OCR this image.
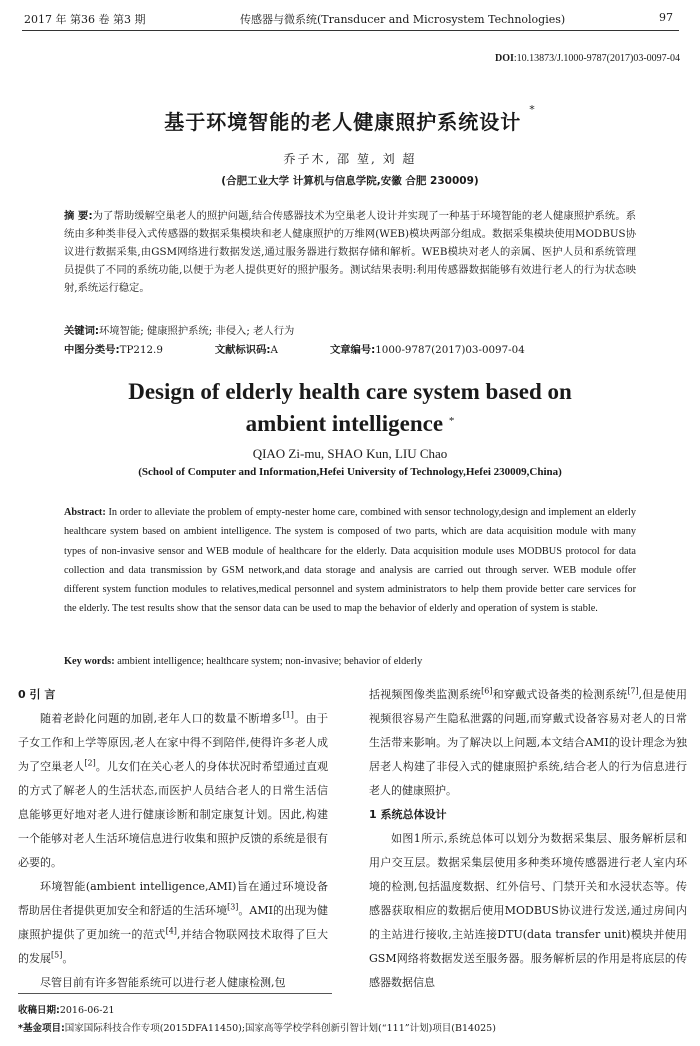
2017 年 第36 卷 第3 期	传感器与微系统(Transducer and Microsystem Technologies)	97
DOI:10.13873/J.1000-9787(2017)03-0097-04
基于环境智能的老人健康照护系统设计 *
乔子木, 邵 堃, 刘 超
(合肥工业大学 计算机与信息学院,安徽 合肥 230009)
摘 要:为了帮助缓解空巢老人的照护问题,结合传感器技术为空巢老人设计并实现了一种基于环境智能的老人健康照护系统。系统由多种类非侵入式传感器的数据采集模块和老人健康照护的万维网(WEB)模块两部分组成。数据采集模块使用MODBUS协议进行数据采集,由GSM网络进行数据发送,通过服务器进行数据存储和解析。WEB模块对老人的亲属、医护人员和系统管理员提供了不同的系统功能,以便于为老人提供更好的照护服务。测试结果表明:利用传感器数据能够有效进行老人的行为状态映射,系统运行稳定。
关键词:环境智能; 健康照护系统; 非侵入; 老人行为
中图分类号:TP212.9	文献标识码:A	文章编号:1000-9787(2017)03-0097-04
Design of elderly health care system based on
ambient intelligence *
QIAO Zi-mu, SHAO Kun, LIU Chao
(School of Computer and Information,Hefei University of Technology,Hefei 230009,China)
Abstract: In order to alleviate the problem of empty-nester home care, combined with sensor technology,design and implement an elderly healthcare system based on ambient intelligence. The system is composed of two parts, which are data acquisition module with many types of non-invasive sensor and WEB module of healthcare for the elderly. Data acquisition module uses MODBUS protocol for data collection and data transmission by GSM network,and data storage and analysis are carried out through server. WEB module offer different system function modules to relatives,medical personnel and system administrators to help them provide better care services for the elderly. The test results show that the sensor data can be used to map the behavior of elderly and operation of system is stable.
Key words: ambient intelligence; healthcare system; non-invasive; behavior of elderly
0 引 言
随着老龄化问题的加剧,老年人口的数量不断增多[1]。由于子女工作和上学等原因,老人在家中得不到陪伴,使得许多老人成为了空巢老人[2]。儿女们在关心老人的身体状况时希望通过直观的方式了解老人的生活状态,而医护人员结合老人的日常生活信息能够更好地对老人进行健康诊断和制定康复计划。因此,构建一个能够对老人生活环境信息进行收集和照护反馈的系统是很有必要的。
环境智能(ambient intelligence,AMI)旨在通过环境设备帮助居住者提供更加安全和舒适的生活环境[3]。AMI的出现为健康照护提供了更加统一的范式[4],并结合物联网技术取得了巨大的发展[5]。
尽管目前有许多智能系统可以进行老人健康检测,包
括视频图像类监测系统[6]和穿戴式设备类的检测系统[7],但是使用视频很容易产生隐私泄露的问题,而穿戴式设备容易对老人的日常生活带来影响。为了解决以上问题,本文结合AMI的设计理念为独居老人构建了非侵入式的健康照护系统,结合老人的行为信息进行老人的健康照护。
1 系统总体设计
如图1所示,系统总体可以划分为数据采集层、服务解析层和用户交互层。数据采集层使用多种类环境传感器进行老人室内环境的检测,包括温度数据、红外信号、门禁开关和水浸状态等。传感器获取相应的数据后使用MODBUS协议进行发送,通过房间内的主站进行接收,主站连接DTU(data transfer unit)模块并使用GSM网络将数据发送至服务器。服务解析层的作用是将底层的传感器数据信息
收稿日期:2016-06-21
*基金项目:国家国际科技合作专项(2015DFA11450);国家高等学校学科创新引智计划(“111”计划)项目(B14025)
